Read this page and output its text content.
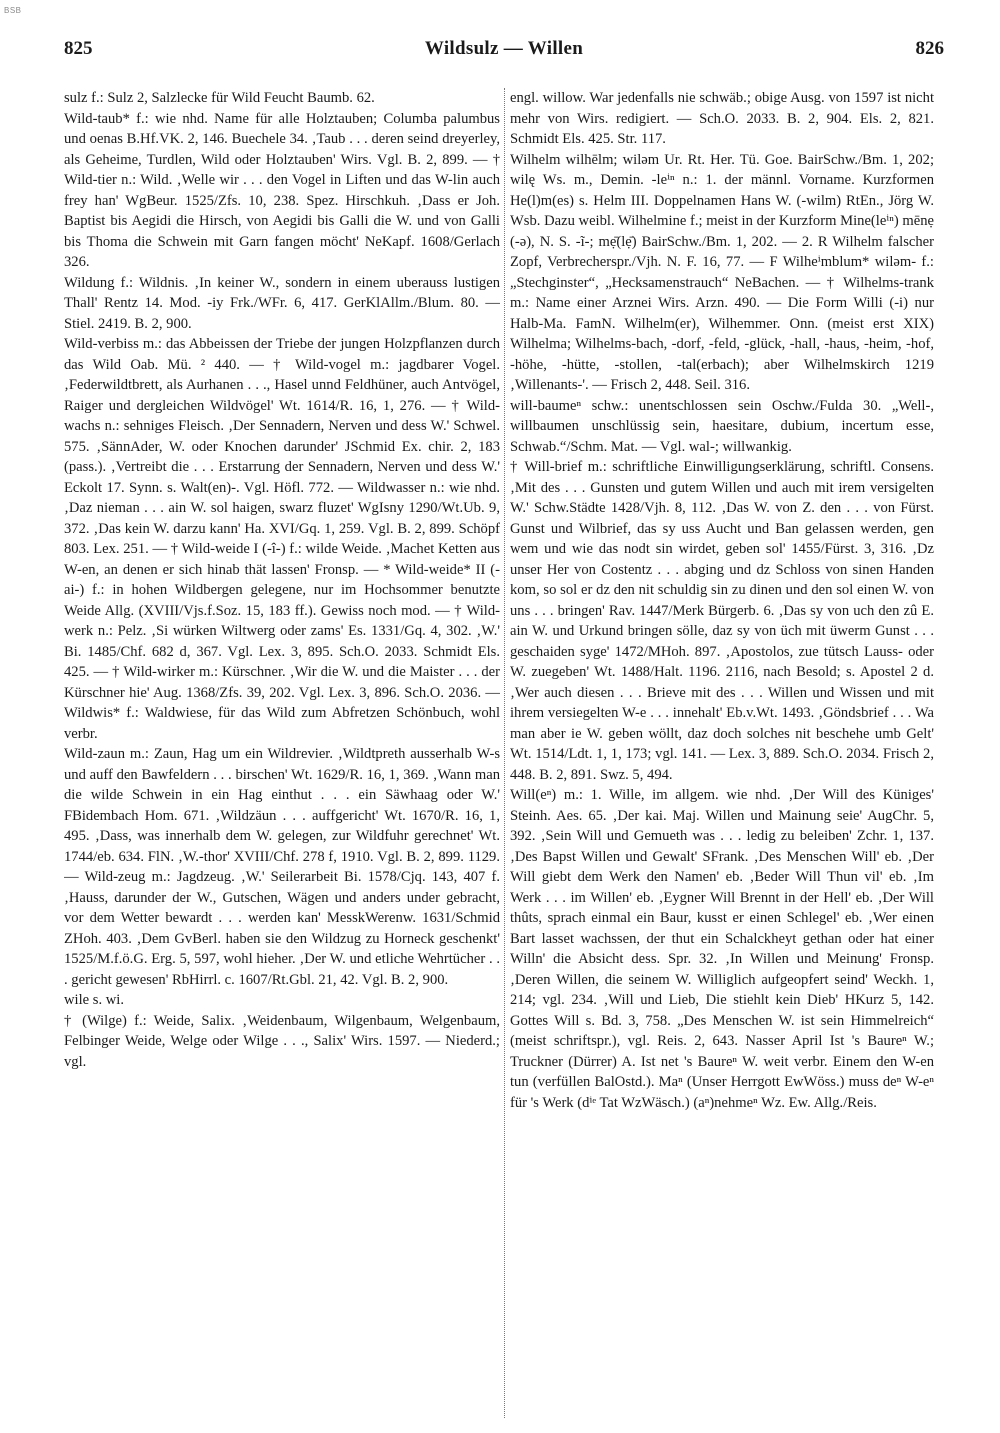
BSB
825	Wildsulz — Willen	826

sulz f.: Sulz 2, Salzlecke für Wild Feucht Baumb. 62.

Wild-taub* f.: wie nhd. Name für alle Holztauben; Columba palumbus und oenas B.Hf.VK. 2, 146. Buechele 34. ‚Taub . . . deren seind dreyerley, als Geheime, Turdlen, Wild oder Holztauben' Wirs. Vgl. B. 2, 899. — † Wild-tier n.: Wild. ‚Welle wir . . . den Vogel in Liften und das W-lin auch frey han' WgBeur. 1525/Zfs. 10, 238. Spez. Hirschkuh. ‚Dass er Joh. Baptist bis Aegidi die Hirsch, von Aegidi bis Galli die W. und von Galli bis Thoma die Schwein mit Garn fangen möcht' NeKapf. 1608/Gerlach 326.

Wildung f.: Wildnis. ‚In keiner W., sondern in einem uberauss lustigen Thall' Rentz 14. Mod. -iy Frk./WFr. 6, 417. GerKlAllm./Blum. 80. — Stiel. 2419. B. 2, 900.

Wild-verbiss m.: das Abbeissen der Triebe der jungen Holzpflanzen durch das Wild Oab. Mü. ² 440. — † Wild-vogel m.: jagdbarer Vogel. ‚Federwildtbrett, als Aurhanen . . ., Hasel unnd Feldhüner, auch Antvögel, Raiger und dergleichen Wildvögel' Wt. 1614/R. 16, 1, 276. — † Wild-wachs n.: sehniges Fleisch. ‚Der Sennadern, Nerven und dess W.' Schwel. 575. ‚SännAder, W. oder Knochen darunder' JSchmid Ex. chir. 2, 183 (pass.). ‚Vertreibt die . . . Erstarrung der Sennadern, Nerven und dess W.' Eckolt 17. Synn. s. Walt(en)-. Vgl. Höfl. 772. — Wildwasser n.: wie nhd. ‚Daz nieman . . . ain W. sol haigen, swarz fluzet' WgIsny 1290/Wt.Ub. 9, 372. ‚Das kein W. darzu kann' Ha. XVI/Gq. 1, 259. Vgl. B. 2, 899. Schöpf 803. Lex. 251. — † Wild-weide I (-î-) f.: wilde Weide. ‚Machet Ketten aus W-en, an denen er sich hinab thät lassen' Fronsp. — * Wild-weide* II (-ai-) f.: in hohen Wildbergen gelegene, nur im Hochsommer benutzte Weide Allg. (XVIII/Vjs.f.Soz. 15, 183 ff.). Gewiss noch mod. — † Wild-werk n.: Pelz. ‚Si würken Wiltwerg oder zams' Es. 1331/Gq. 4, 302. ‚W.' Bi. 1485/Chf. 682 d, 367. Vgl. Lex. 3, 895. Sch.O. 2033. Schmidt Els. 425. — † Wild-wirker m.: Kürschner. ‚Wir die W. und die Maister . . . der Kürschner hie' Aug. 1368/Zfs. 39, 202. Vgl. Lex. 3, 896. Sch.O. 2036. — Wildwis* f.: Waldwiese, für das Wild zum Abfretzen Schönbuch, wohl verbr.

Wild-zaun m.: Zaun, Hag um ein Wildrevier. ‚Wildtpreth ausserhalb W-s und auff den Bawfeldern . . . birschen' Wt. 1629/R. 16, 1, 369. ‚Wann man die wilde Schwein in ein Hag einthut . . . ein Säwhaag oder W.' FBidembach Hom. 671. ‚Wildzäun . . . auffgericht' Wt. 1670/R. 16, 1, 495. ‚Dass, was innerhalb dem W. gelegen, zur Wildfuhr gerechnet' Wt. 1744/eb. 634. FlN. ‚W.-thor' XVIII/Chf. 278 f, 1910. Vgl. B. 2, 899. 1129. — Wild-zeug m.: Jagdzeug. ‚W.' Seilerarbeit Bi. 1578/Cjq. 143, 407 f. ‚Hauss, darunder der W., Gutschen, Wägen und anders under gebracht, vor dem Wetter bewardt . . . werden kan' MesskWerenw. 1631/Schmid ZHoh. 403. ‚Dem GvBerl. haben sie den Wildzug zu Horneck geschenkt' 1525/M.f.ö.G. Erg. 5, 597, wohl hieher. ‚Der W. und etliche Wehrtücher . . . gericht gewesen' RbHirrl. c. 1607/Rt.Gbl. 21, 42. Vgl. B. 2, 900.

wile s. wi.

† (Wilge) f.: Weide, Salix. ‚Weidenbaum, Wilgenbaum, Welgenbaum, Felbinger Weide, Welge oder Wilge . . ., Salix' Wirs. 1597. — Niederd.; vgl.

engl. willow. War jedenfalls nie schwäb.; obige Ausg. von 1597 ist nicht mehr von Wirs. redigiert. — Sch.O. 2033. B. 2, 904. Els. 2, 821. Schmidt Els. 425. Str. 117.

Wilhelm wilhēlm; wiləm Ur. Rt. Her. Tü. Goe. BairSchw./Bm. 1, 202; wilę Ws. m., Demin. -leⁱⁿ n.: 1. der männl. Vorname. Kurzformen He(l)m(es) s. Helm III. Doppelnamen Hans W. (-wilm) RtEn., Jörg W. Wsb. Dazu weibl. Wilhelmine f.; meist in der Kurzform Mine(leⁱⁿ) mēnẹ (-ə), N. S. -ĩ-; mẹ̄(lẹ̄) BairSchw./Bm. 1, 202. — 2. R Wilhelm falscher Zopf, Verbrecherspr./Vjh. N. F. 16, 77. — F Wilheⁱmblum* wiləm- f.: „Stechginster“, „Hecksamenstrauch“ NeBachen. — † Wilhelms-trank m.: Name einer Arznei Wirs. Arzn. 490. — Die Form Willi (-i) nur Halb-Ma. FamN. Wilhelm(er), Wilhemmer. Onn. (meist erst XIX) Wilhelma; Wilhelms-bach, -dorf, -feld, -glück, -hall, -haus, -heim, -hof, -höhe, -hütte, -stollen, -tal(erbach); aber Wilhelmskirch 1219 ‚Willenants-'. — Frisch 2, 448. Seil. 316.

will-baumeⁿ schw.: unentschlossen sein Oschw./Fulda 30. „Well-, willbaumen unschlüssig sein, haesitare, dubium, incertum esse, Schwab.“/Schm. Mat. — Vgl. wal-; willwankig.

† Will-brief m.: schriftliche Einwilligungserklärung, schriftl. Consens. ‚Mit des . . . Gunsten und gutem Willen und auch mit irem versigelten W.' Schw.Städte 1428/Vjh. 8, 112. ‚Das W. von Z. den . . . von Fürst. Gunst und Wilbrief, das sy uss Aucht und Ban gelassen werden, gen wem und wie das nodt sin wirdet, geben sol' 1455/Fürst. 3, 316. ‚Dz unser Her von Costentz . . . abging und dz Schloss von sinen Handen kom, so sol er dz den nit schuldig sin zu dinen und den sol einen W. von uns . . . bringen' Rav. 1447/Merk Bürgerb. 6. ‚Das sy von uch den zû E. ain W. und Urkund bringen sölle, daz sy von üch mit üwerm Gunst . . . geschaiden syge' 1472/MHoh. 897. ‚Apostolos, zue tütsch Lauss- oder W. zuegeben' Wt. 1488/Halt. 1196. 2116, nach Besold; s. Apostel 2 d. ‚Wer auch diesen . . . Brieve mit des . . . Willen und Wissen und mit ihrem versiegelten W-e . . . innehalt' Eb.v.Wt. 1493. ‚Göndsbrief . . . Wa man aber ie W. geben wöllt, daz doch solches nit beschehe umb Gelt' Wt. 1514/Ldt. 1, 1, 173; vgl. 141. — Lex. 3, 889. Sch.O. 2034. Frisch 2, 448. B. 2, 891. Swz. 5, 494.

Will(eⁿ) m.: 1. Wille, im allgem. wie nhd. ‚Der Will des Küniges' Steinh. Aes. 65. ‚Der kai. Maj. Willen und Mainung seie' AugChr. 5, 392. ‚Sein Will und Gemueth was . . . ledig zu beleiben' Zchr. 1, 137. ‚Des Bapst Willen und Gewalt' SFrank. ‚Des Menschen Will' eb. ‚Der Will giebt dem Werk den Namen' eb. ‚Beder Will Thun vil' eb. ‚Im Werk . . . im Willen' eb. ‚Eygner Will Brennt in der Hell' eb. ‚Der Will thûts, sprach einmal ein Baur, kusst er einen Schlegel' eb. ‚Wer einen Bart lasset wachssen, der thut ein Schalckheyt gethan oder hat einer Willn' die Absicht dess. Spr. 32. ‚In Willen und Meinung' Fronsp. ‚Deren Willen, die seinem W. Williglich aufgeopfert seind' Weckh. 1, 214; vgl. 234. ‚Will und Lieb, Die stiehlt kein Dieb' HKurz 5, 142. Gottes Will s. Bd. 3, 758. „Des Menschen W. ist sein Himmelreich“ (meist schriftspr.), vgl. Reis. 2, 643. Nasser April Ist 's Baureⁿ W.; Truckner (Dürrer) A. Ist net 's Baureⁿ W. weit verbr. Einem den W-en tun (verfüllen BalOstd.). Maⁿ (Unser Herrgott EwWöss.) muss deⁿ W-eⁿ für 's Werk (dⁱᵉ Tat WzWäsch.) (aⁿ)nehmeⁿ Wz. Ew. Allg./Reis.
